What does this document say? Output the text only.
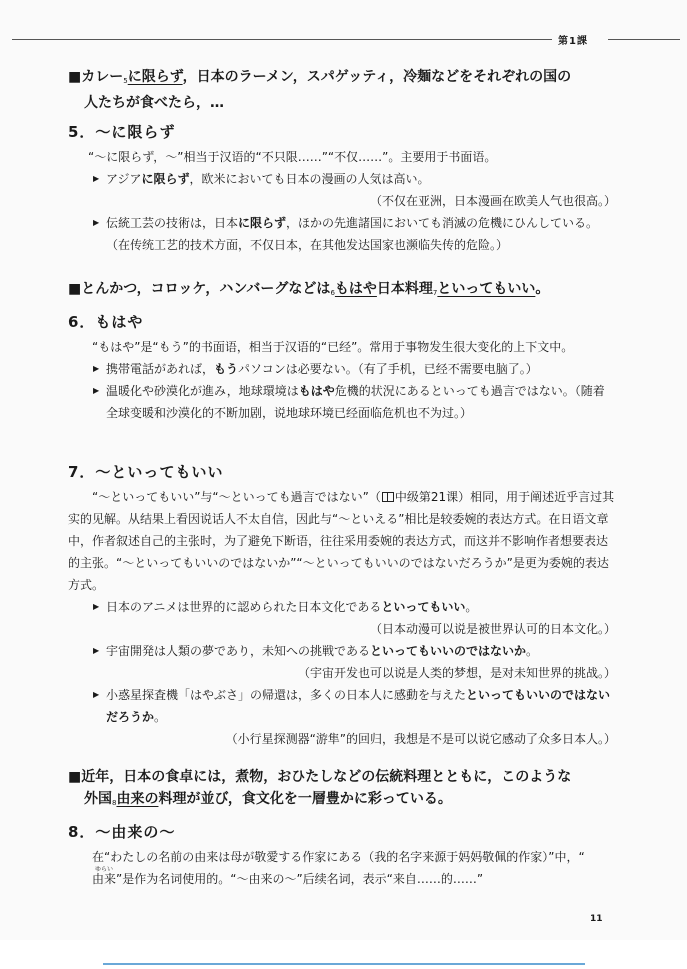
第1課
■カレー$_5$に限らず，日本のラーメン，スパゲッティ，冷麺などをそれぞれの国の
人たちが食べたら，…
5．～に限らず
“～に限らず，～”相当于汉语的“不只限……”“不仅……”。主要用于书面语。
▶ アジアに限らず，欧米においても日本の漫画の人気は高い。
（不仅在亚洲，日本漫画在欧美人气也很高。）
▶ 伝統工芸の技術は，日本に限らず，ほかの先進諸国においても消滅の危機にひんしている。（在传统工艺的技术方面，不仅日本，在其他发达国家也濒临失传的危险。）
■とんかつ，コロッケ，ハンバーグなどは$_6$もはや日本料理$_7$といってもいい。
6．もはや
“もはや”是“もう”的书面语，相当于汉语的“已经”。常用于事物发生很大变化的上下文中。
▶ 携帯電話があれば，もうパソコンは必要ない。（有了手机，已经不需要电脑了。）
▶ 温暖化や砂漠化が進み，地球環境はもはや危機的状況にあるといっても過言ではない。（随着全球变暖和沙漠化的不断加剧，说地球环境已经面临危机也不为过。）
7．～といってもいい
“～といってもいい”与“～といっても過言ではない”（ 中级第21课）相同，用于阐述近乎言过其实的见解。从结果上看因说话人不太自信，因此与“～といえる”相比是较委婉的表达方式。在日语文章中，作者叙述自己的主张时，为了避免下断语，往往采用委婉的表达方式，而这并不影响作者想要表达的主张。“～といってもいいのではないか”“～といってもいいのではないだろうか”是更为委婉的表达方式。
▶ 日本のアニメは世界的に認められた日本文化であるといってもいい。
（日本动漫可以说是被世界认可的日本文化。）
▶ 宇宙開発は人類の夢であり，未知への挑戦であるといってもいいのではないか。
（宇宙开发也可以说是人类的梦想，是对未知世界的挑战。）
▶ 小惑星探査機「はやぶさ」の帰還は，多くの日本人に感動を与えたといってもいいのではないだろうか。
（小行星探测器“游隼”的回归，我想是不是可以说它感动了众多日本人。）
■近年，日本の食卓には，煮物，おひたしなどの伝統料理とともに，このような
外国$_8$由来の料理が並び，食文化を一層豊かに彩っている。
8．～由来の～
在“わたしの名前の由来は母が敬愛する作家にある（我的名字来源于妈妈敬佩的作家）”中，“
ゆらい
由来”是作为名词使用的。“～由来の～”后续名词，表示“来自……的……”
11
